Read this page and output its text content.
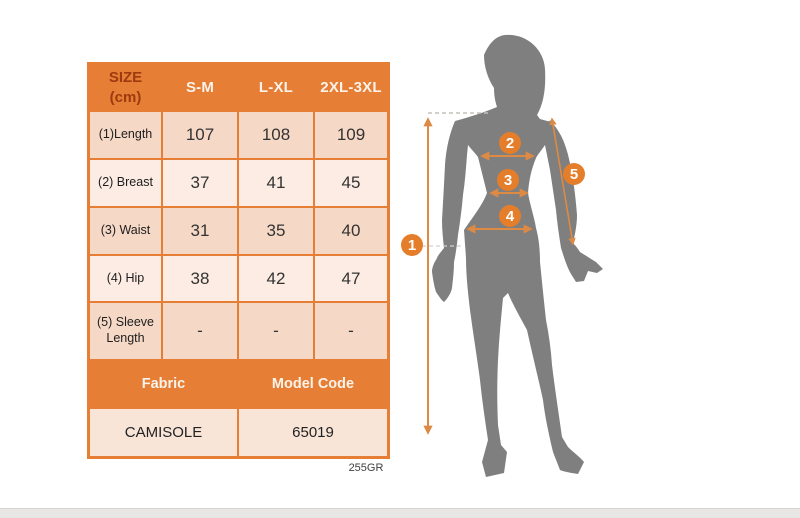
SIZE
(cm)
S-M	L-XL	2XL-3XL
(1)Length	107	108	109
(2) Breast	37	41	45
(3) Waist	31	35	40
(4) Hip	38	42	47
(5) Sleeve Length	-	-	-
Fabric	Model Code
CAMISOLE	65019
255GR
1
2
3
4
5
